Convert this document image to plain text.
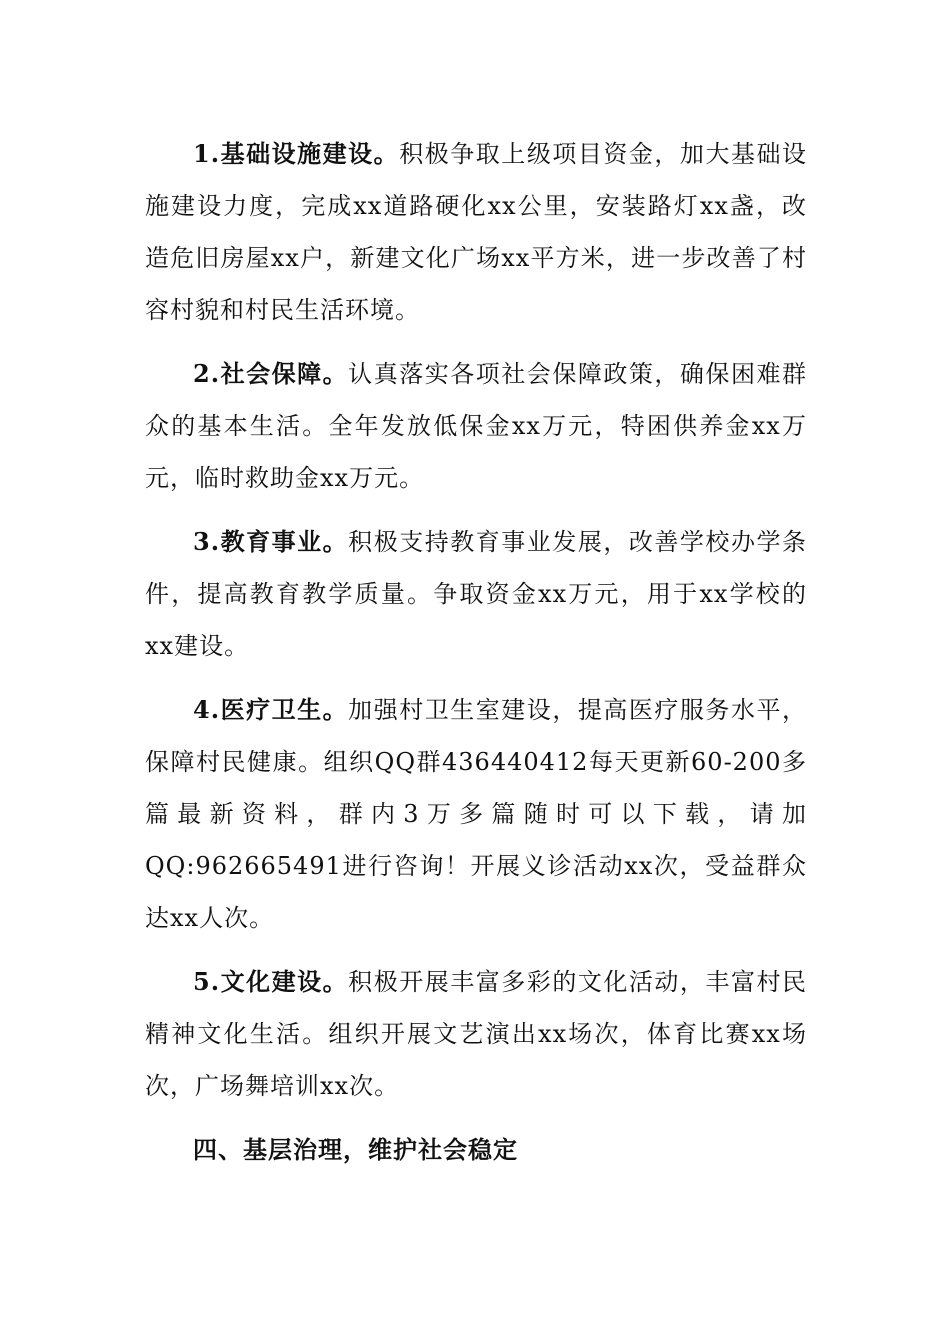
1.基础设施建设。积极争取上级项目资金，加大基础设施建设力度，完成xx道路硬化xx公里，安装路灯xx盏，改造危旧房屋xx户，新建文化广场xx平方米，进一步改善了村容村貌和村民生活环境。

2.社会保障。认真落实各项社会保障政策，确保困难群众的基本生活。全年发放低保金xx万元，特困供养金xx万元，临时救助金xx万元。

3.教育事业。积极支持教育事业发展，改善学校办学条件，提高教育教学质量。争取资金xx万元，用于xx学校的xx建设。

4.医疗卫生。加强村卫生室建设，提高医疗服务水平，保障村民健康。组织QQ群436440412每天更新60-200多篇最新资料，群内3万多篇随时可以下载，请加QQ:962665491进行咨询！开展义诊活动xx次，受益群众达xx人次。

5.文化建设。积极开展丰富多彩的文化活动，丰富村民精神文化生活。组织开展文艺演出xx场次，体育比赛xx场次，广场舞培训xx次。

四、基层治理，维护社会稳定
